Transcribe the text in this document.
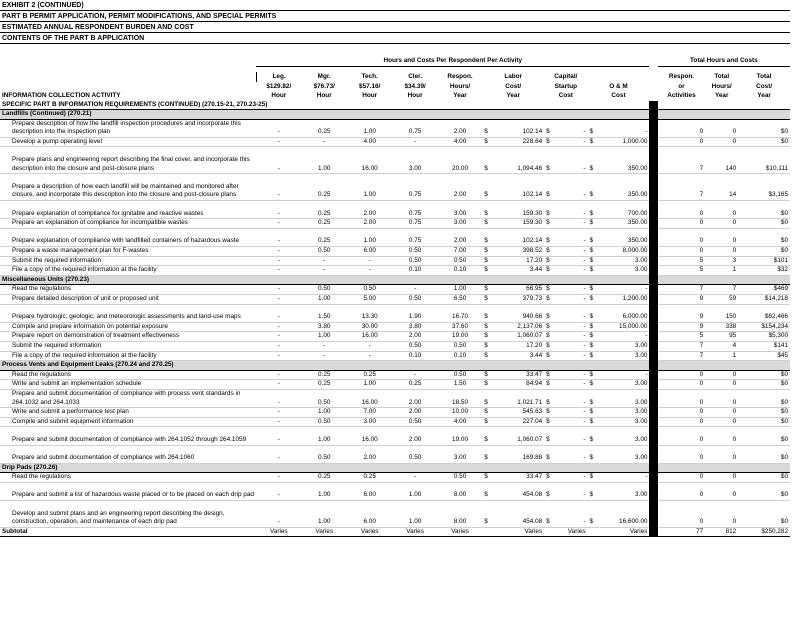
EXHIBIT 2 (CONTINUED)
PART B PERMIT APPLICATION, PERMIT MODIFICATIONS, AND SPECIAL PERMITS
ESTIMATED ANNUAL RESPONDENT BURDEN AND COST
CONTENTS OF THE PART B APPLICATION

	Hours and Costs Per Respondent Per Activity												Total Hours and Costs		

	Leg.	Mgr.	Tech.	Cler.	Respon.	Labor		Capital/					Respon.	Total	Total
	$129.82/	$76.73/	$57.16/	$34.39/	Hours/	Cost/		Startup		O & M			or	Hours/	Cost/
INFORMATION COLLECTION ACTIVITY	Hour	Hour	Hour	Hour	Year	Year		Cost		Cost			Activities	Year	Year
SPECIFIC PART B INFORMATION REQUIREMENTS (CONTINUED) (270.15-21, 270.23-25)															
Landfills (Continued) (270.21)															
Prepare description of how the landfill inspection procedures and incorporate this description into the inspection plan	-	0.25	1.00	0.75	2.00	$	102.14	$	-	$	-		0	0	$0
Develop a pump operating level	-	-	4.00	-	4.00	$	228.64	$	-	$	1,000.00		0	0	$0
Prepare plans and engineering report describing the final cover, and incorporate this description into the closure and post-closure plans	-	1.00	16.00	3.00	20.00	$	1,094.46	$	-	$	350.00		7	140	$10,111
Prepare a description of how each landfill will be maintained and monitored after closure, and incorporate this description into the closure and post-closure plans	-	0.25	1.00	0.75	2.00	$	102.14	$	-	$	350.00		7	14	$3,165
Prepare explanation of compliance for ignitable and reactive wastes	-	0.25	2.00	0.75	3.00	$	159.30	$	-	$	700.00		0	0	$0
Prepare an explanation of compliance for incompatible wastes	-	0.25	2.00	0.75	3.00	$	159.30	$	-	$	350.00		0	0	$0
Prepare explanation of compliance with landfilled containers of hazardous waste	-	0.25	1.00	0.75	2.00	$	102.14	$	-	$	350.00		0	0	$0
Prepare a waste management plan for F-wastes	-	0.50	6.00	0.50	7.00	$	398.52	$	-	$	8,000.00		0	0	$0
Submit the required information	-	-	-	0.50	0.50	$	17.20	$	-	$	3.00		5	3	$101
File a copy of the required information at the facility	-	-	-	0.10	0.10	$	3.44	$	-	$	3.00		5	1	$32
Miscellaneous Units (270.23)															
Read the regulations	-	0.50	0.50	-	1.00	$	66.95	$	-	$	-		7	7	$469
Prepare detailed description of unit or proposed unit	-	1.00	5.00	0.50	6.50	$	379.73	$	-	$	1,200.00		9	59	$14,218
Prepare hydrologic, geologic, and meteorologic assessments and land-use maps	-	1.50	13.30	1.90	16.70	$	940.66	$	-	$	6,000.00		9	150	$62,466
Compile and prepare information on potential exposure	-	3.80	30.00	3.80	37.60	$	2,137.06	$	-	$	15,000.00		9	338	$154,234
Prepare report on demonstration of treatment effectiveness	-	1.00	16.00	2.00	19.00	$	1,060.07	$	-	$	-		5	95	$5,300
Submit the required information	-	-	-	0.50	0.50	$	17.20	$	-	$	3.00		7	4	$141
File a copy of the required information at the facility	-	-	-	0.10	0.10	$	3.44	$	-	$	3.00		7	1	$45
Process Vents and Equipment Leaks (270.24 and 270.25)															
Read the regulations	-	0.25	0.25	-	0.50	$	33.47	$	-	$	-		0	0	$0
Write and submit an implementation schedule	-	0.25	1.00	0.25	1.50	$	84.94	$	-	$	3.00		0	0	$0
Prepare and submit documentation of compliance with process vent standards in 264.1032 and 264.1033	-	0.50	16.00	2.00	18.50	$	1,021.71	$	-	$	3.00		0	0	$0
Write and submit a performance test plan	-	1.00	7.00	2.00	10.00	$	545.63	$	-	$	3.00		0	0	$0
Compile and submit equipment information	-	0.50	3.00	0.50	4.00	$	227.04	$	-	$	3.00		0	0	$0
Prepare and submit documentation of compliance with 264.1052 through 264.1059	-	1.00	16.00	2.00	19.00	$	1,060.07	$	-	$	3.00		0	0	$0
Prepare and submit documentation of compliance with 264.1060	-	0.50	2.00	0.50	3.00	$	169.88	$	-	$	3.00		0	0	$0
Drip Pads (270.26)															
Read the regulations	-	0.25	0.25	-	0.50	$	33.47	$	-	$	-		0	0	$0
Prepare and submit a list of hazardous waste placed or to be placed on each drip pad	-	1.00	6.00	1.00	8.00	$	454.08	$	-	$	3.00		0	0	$0
Develop and submit plans and an engineering report describing the design, construction, operation, and maintenance of each drip pad	-	1.00	6.00	1.00	8.00	$	454.08	$	-	$	16,600.00		0	0	$0
Subtotal	Varies	Varies	Varies	Varies	Varies	Varies		Varies		Varies			77	812	$250,282
